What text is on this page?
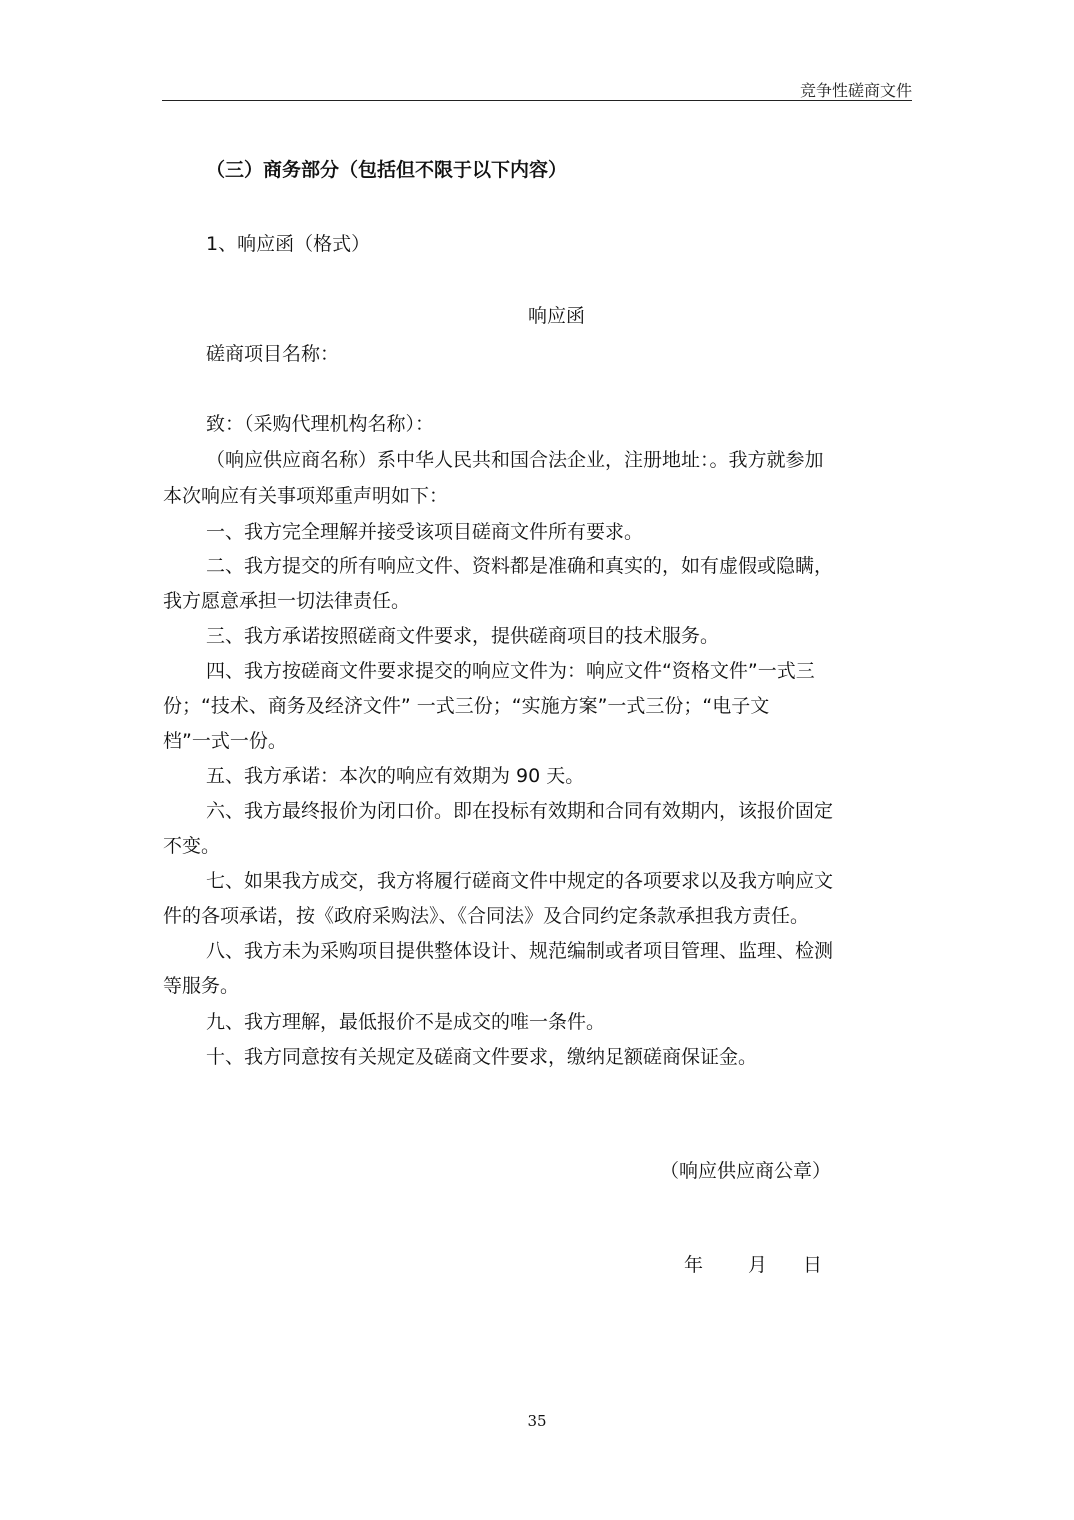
竞争性磋商文件
（三）商务部分（包括但不限于以下内容）
1、响应函（格式）
响应函
磋商项目名称：
致：（采购代理机构名称）：
（响应供应商名称）系中华人民共和国合法企业，注册地址：。我方就参加
本次响应有关事项郑重声明如下：
一、我方完全理解并接受该项目磋商文件所有要求。
二、我方提交的所有响应文件、资料都是准确和真实的，如有虚假或隐瞒，
我方愿意承担一切法律责任。
三、我方承诺按照磋商文件要求，提供磋商项目的技术服务。
四、我方按磋商文件要求提交的响应文件为：响应文件“资格文件”一式三
份；“技术、商务及经济文件” 一式三份；“实施方案”一式三份；“电子文
档”一式一份。
五、我方承诺：本次的响应有效期为 90 天。
六、我方最终报价为闭口价。即在投标有效期和合同有效期内，该报价固定
不变。
七、如果我方成交，我方将履行磋商文件中规定的各项要求以及我方响应文
件的各项承诺，按《政府采购法》、《合同法》及合同约定条款承担我方责任。
八、我方未为采购项目提供整体设计、规范编制或者项目管理、监理、检测
等服务。
九、我方理解，最低报价不是成交的唯一条件。
十、我方同意按有关规定及磋商文件要求，缴纳足额磋商保证金。
（响应供应商公章）
年 月 日
35
